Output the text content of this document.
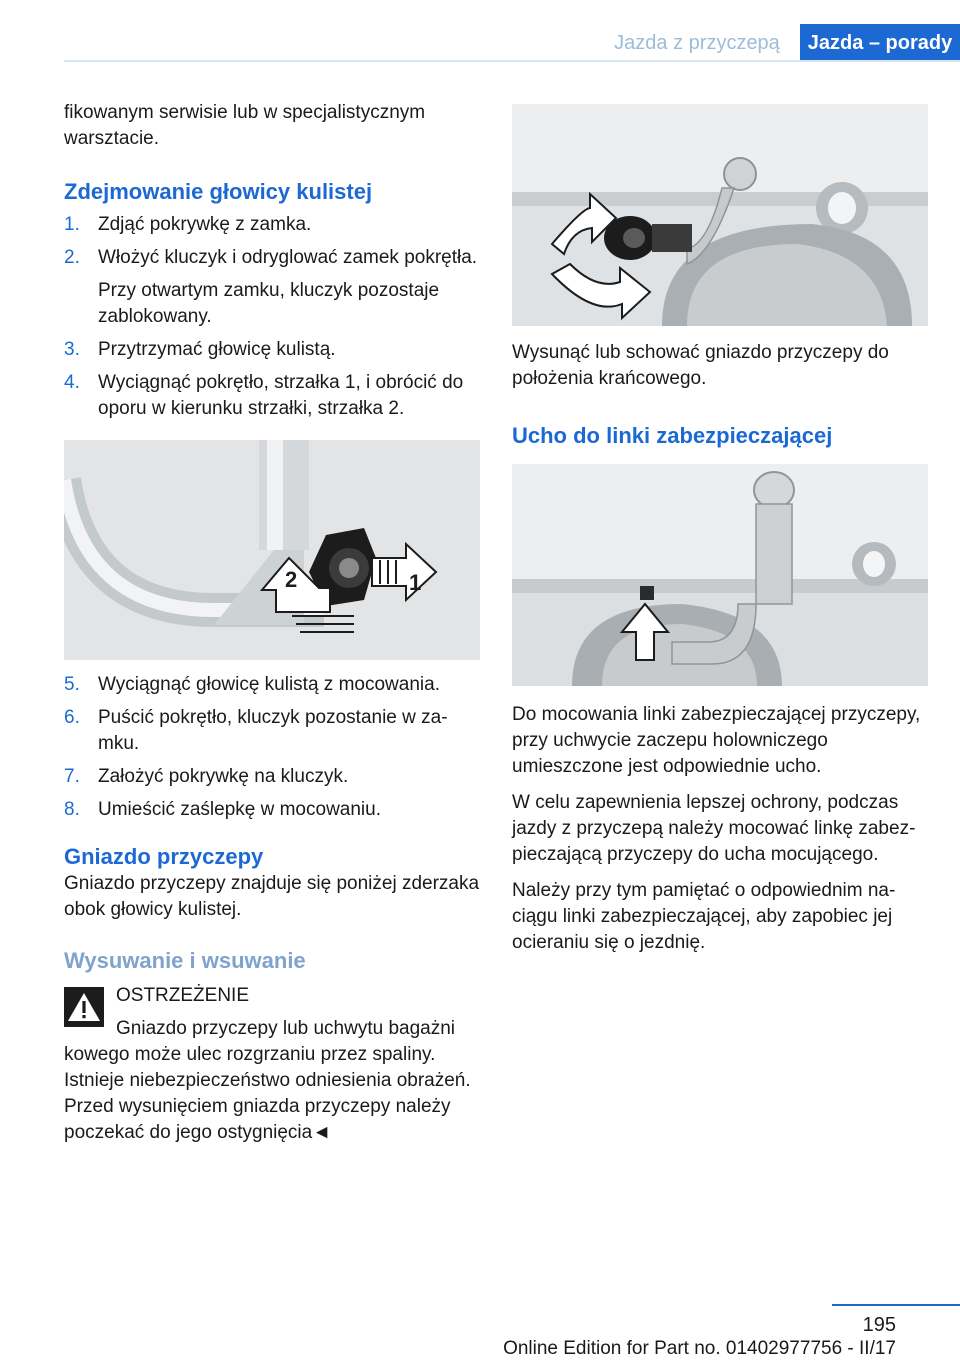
Jazda z przyczepą	Jazda – porady

fikowanym serwisie lub w specjalistycznym warsztacie.

Zdejmowanie głowicy kulistej
1. Zdjąć pokrywkę z zamka.
2. Włożyć kluczyk i odryglować zamek pokrętła.
Przy otwartym zamku, kluczyk pozostaje zablokowany.
3. Przytrzymać głowicę kulistą.
4. Wyciągnąć pokrętło, strzałka 1, i obrócić do oporu w kierunku strzałki, strzałka 2.
2	1
5. Wyciągnąć głowicę kulistą z mocowania.
6. Puścić pokrętło, kluczyk pozostanie w zamku.
7. Założyć pokrywkę na kluczyk.
8. Umieścić zaślepkę w mocowaniu.
Gniazdo przyczepy

Gniazdo przyczepy znajduje się poniżej zderzaka obok głowicy kulistej.

Wysuwanie i wsuwanie
OSTRZEŻENIE
Gniazdo przyczepy lub uchwytu bagażni

kowego może ulec rozgrzaniu przez spaliny. Istnieje niebezpieczeństwo odniesienia obrażeń. Przed wysunięciem gniazda przyczepy należy poczekać do jego ostygnięcia◄

Wysunąć lub schować gniazdo przyczepy do położenia krańcowego.

Ucho do linki zabezpieczającej

Do mocowania linki zabezpieczającej przyczepy, przy uchwycie zaczepu holowniczego umieszczone jest odpowiednie ucho.

W celu zapewnienia lepszej ochrony, podczas jazdy z przyczepą należy mocować linkę zabezpieczającą przyczepy do ucha mocującego.

Należy przy tym pamiętać o odpowiednim naciągu linki zabezpieczającej, aby zapobiec jej ocieraniu się o jezdnię.

195
Online Edition for Part no. 01402977756 - II/17
